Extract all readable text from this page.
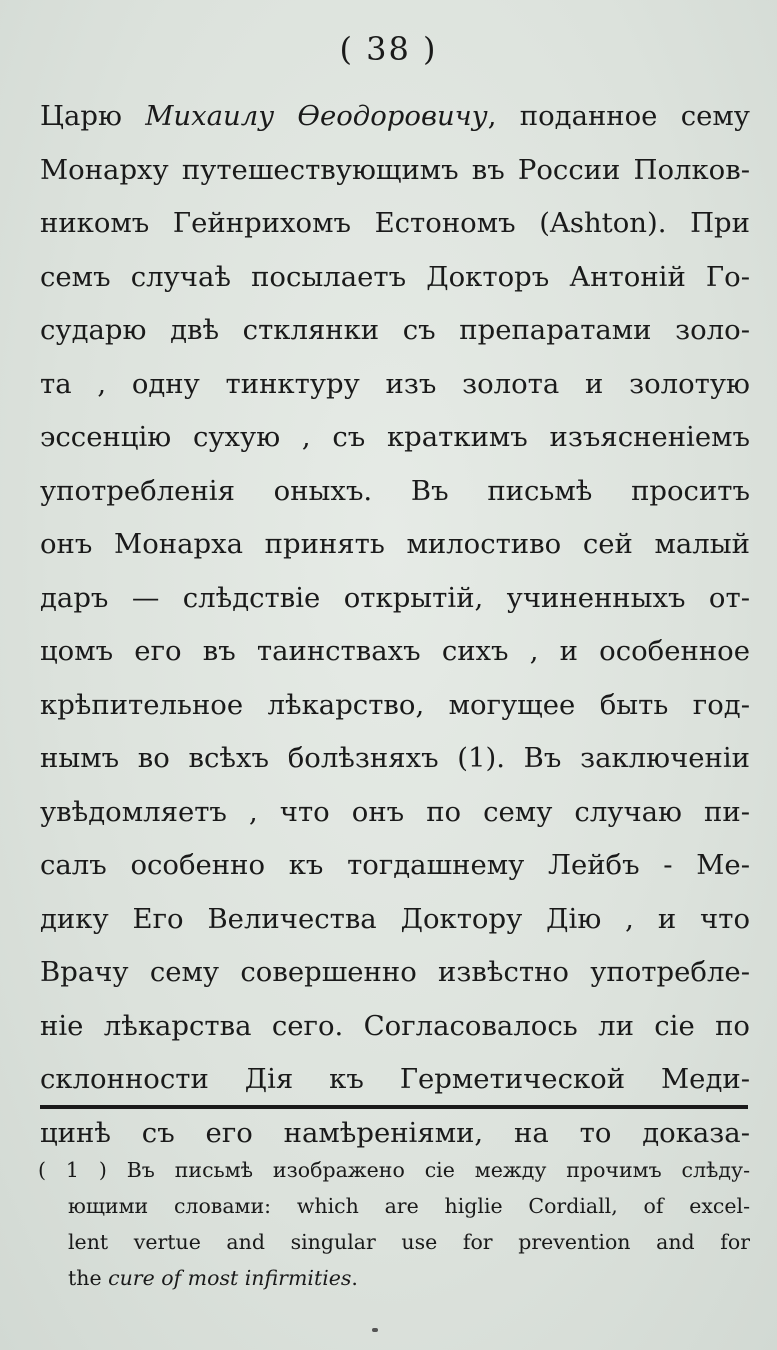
( 38 )
Царю Михаилу Өеодоровичу, поданное сему
Монарху путешествующимъ въ России Полков-
никомъ Гейнрихомъ Естономъ (Ashton). При
семъ случаѣ посылаетъ Докторъ Антоній Го-
сударю двѣ стклянки съ препаратами золо-
та , одну тинктуру изъ золота и золотую
эссенцію сухую , съ краткимъ изъясненіемъ
употребленія оныхъ. Въ письмѣ проситъ
онъ Монарха принять милостиво сей малый
даръ — слѣдствіе открытій, учиненныхъ от-
цомъ его въ таинствахъ сихъ , и особенное
крѣпительное лѣкарство, могущее быть год-
нымъ во всѣхъ болѣзняхъ (1). Въ заключеніи
увѣдомляетъ , что онъ по сему случаю пи-
салъ особенно къ тогдашнему Лейбъ - Ме-
дику Его Величества Доктору Дію , и что
Врачу сему совершенно извѣстно употребле-
ніе лѣкарства сего. Согласовалось ли сіе по
склонности Дія къ Герметической Меди-
цинѣ съ его намѣреніями, на то доказа-
( 1 ) Въ письмѣ изображено сіе между прочимъ слѣду-
ющими словами: which are higlie Cordiall, of excel-
lent vertue and singular use for prevention and for
the cure of most infirmities.
